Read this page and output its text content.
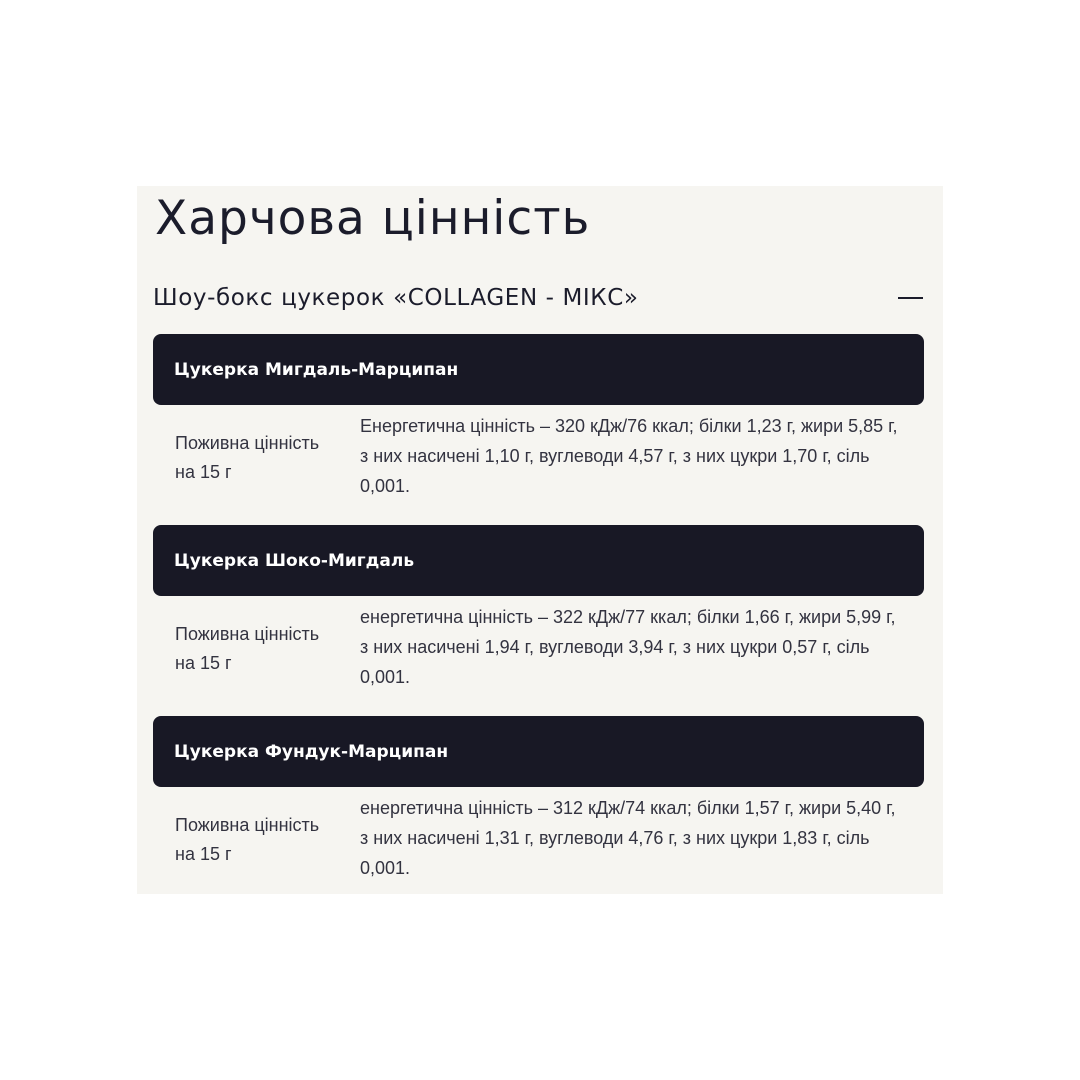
Харчова цінність
Шоу-бокс цукерок «COLLAGEN - МІКС»
Цукерка Мигдаль-Марципан
Поживна цінність на 15 г
Енергетична цінність – 320 кДж/76 ккал; білки 1,23 г, жири 5,85 г, з них насичені 1,10 г, вуглеводи 4,57 г, з них цукри 1,70 г, сіль 0,001.
Цукерка Шоко-Мигдаль
Поживна цінність на 15 г
енергетична цінність – 322 кДж/77 ккал; білки 1,66 г, жири 5,99 г, з них насичені 1,94 г, вуглеводи 3,94 г, з них цукри 0,57 г, сіль 0,001.
Цукерка Фундук-Марципан
Поживна цінність на 15 г
енергетична цінність – 312 кДж/74 ккал; білки 1,57 г, жири 5,40 г, з них насичені 1,31 г, вуглеводи 4,76 г, з них цукри 1,83 г, сіль 0,001.
